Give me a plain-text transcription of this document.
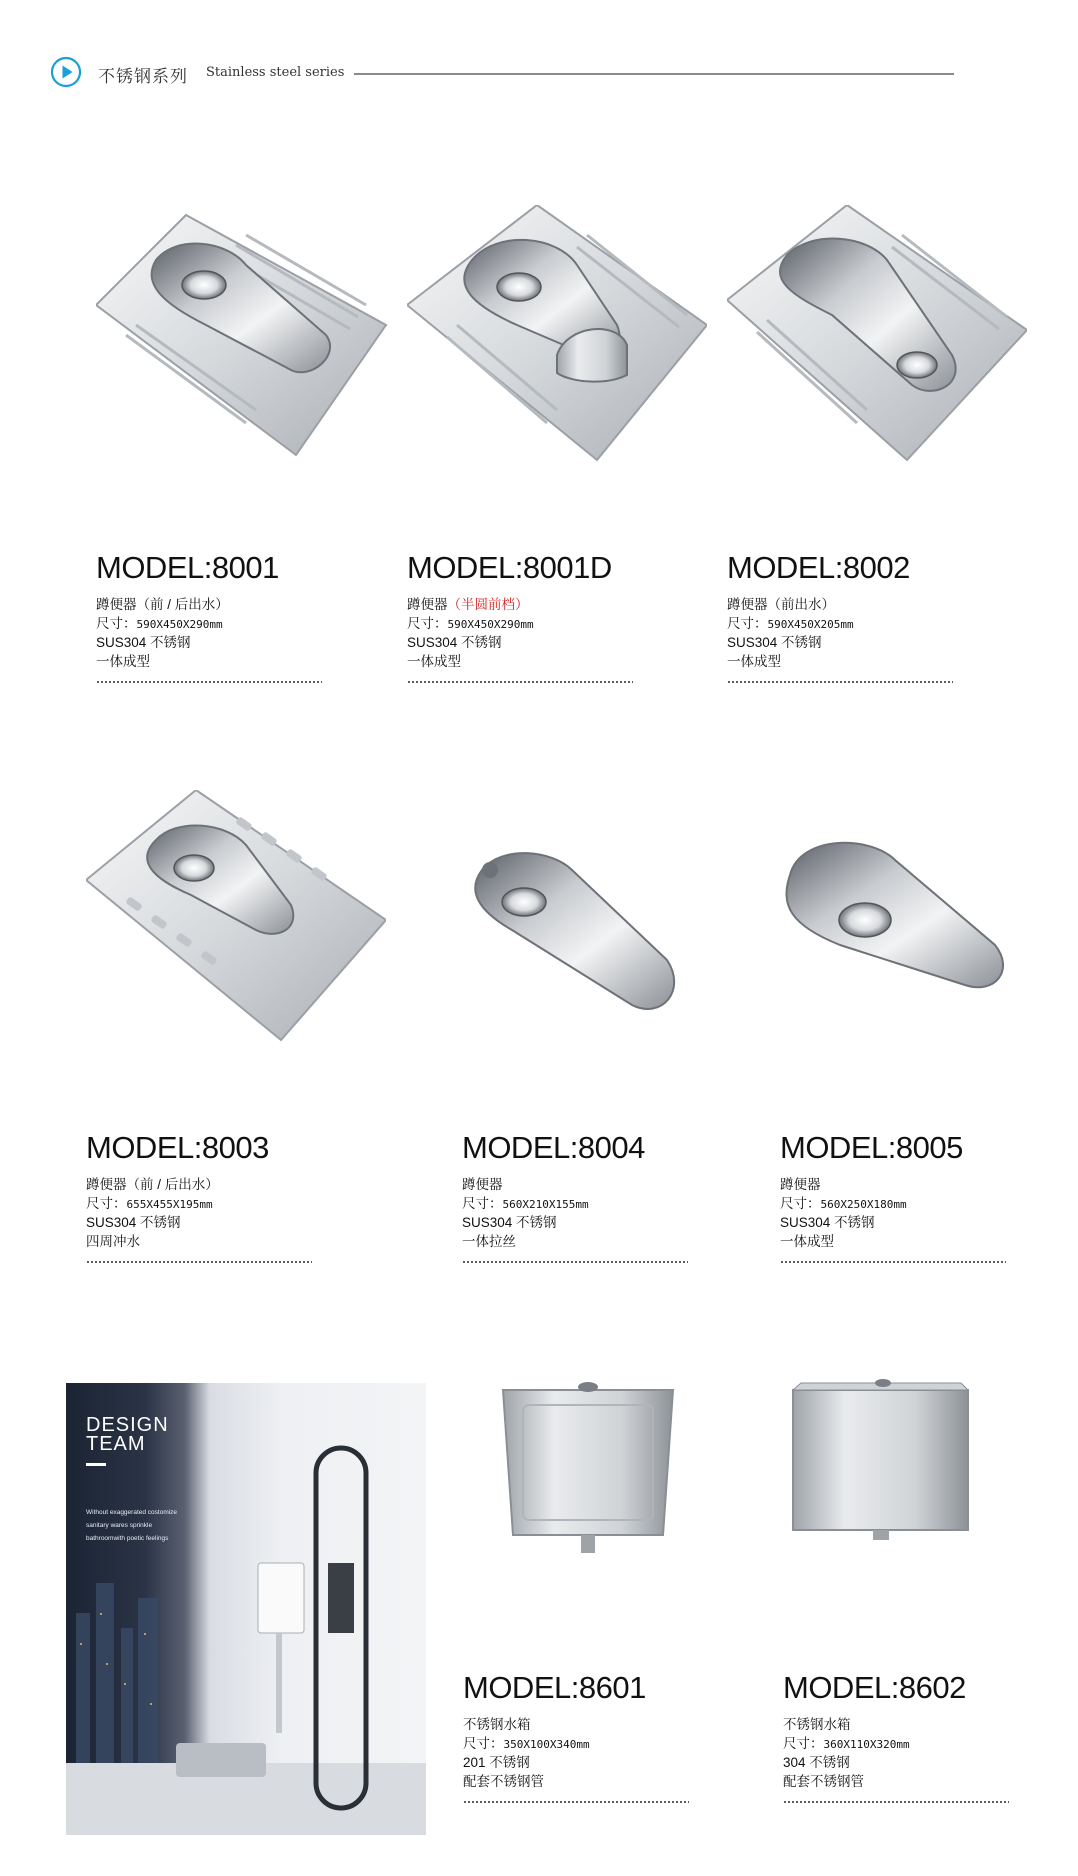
不锈钢系列 Stainless steel series
MODEL:8001
蹲便器（前 / 后出水）
尺寸：590X450X290mm
SUS304 不锈钢
一体成型
MODEL:8001D
蹲便器（半圆前档）
尺寸：590X450X290mm
SUS304 不锈钢
一体成型
MODEL:8002
蹲便器（前出水）
尺寸：590X450X205mm
SUS304 不锈钢
一体成型
MODEL:8003
蹲便器（前 / 后出水）
尺寸：655X455X195mm
SUS304 不锈钢
四周冲水
MODEL:8004
蹲便器
尺寸：560X210X155mm
SUS304 不锈钢
一体拉丝
MODEL:8005
蹲便器
尺寸：560X250X180mm
SUS304 不锈钢
一体成型
DESIGN
TEAM
Without exaggerated costomize
sanitary wares sprinkle
bathroomwith poetic feelings
MODEL:8601
不锈钢水箱
尺寸：350X100X340mm
201 不锈钢
配套不锈钢管
MODEL:8602
不锈钢水箱
尺寸：360X110X320mm
304 不锈钢
配套不锈钢管
